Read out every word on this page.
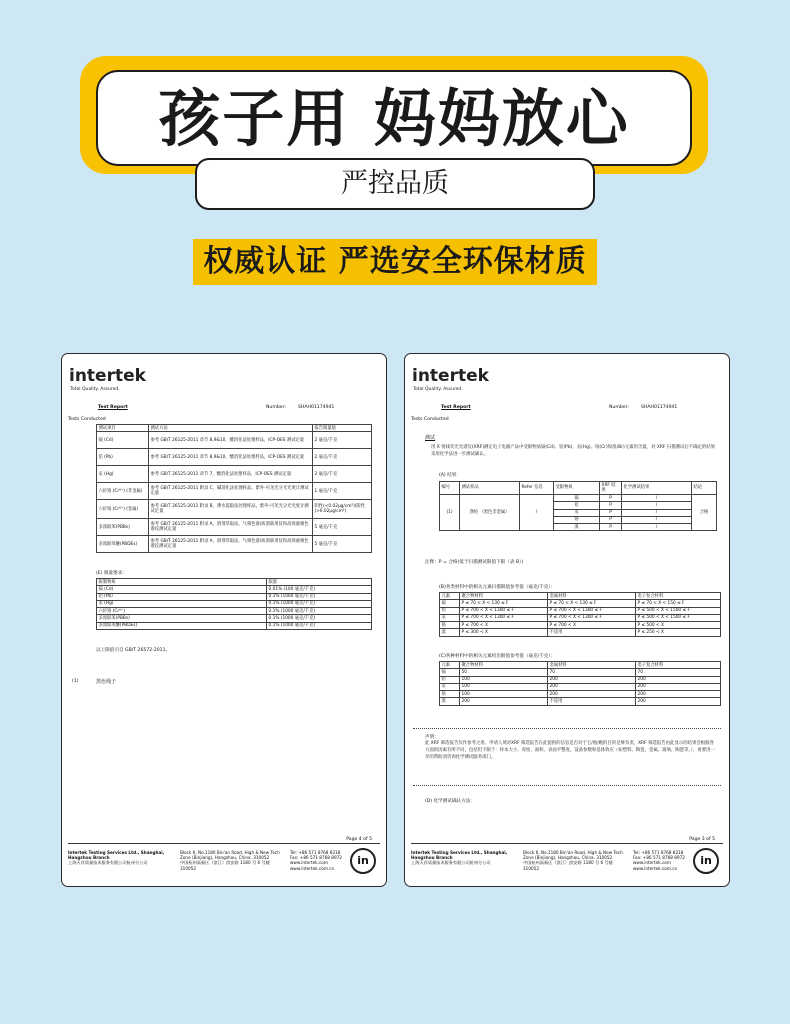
孩子用 妈妈放心
严控品质
权威认证 严选安全环保材质
intertek
Total Quality. Assured.
Test Report	Number:	SHAH01174941
Tests Conducted
测试项目	测试方法	报告限量值
镉 (Cd)	参考 GB/T 26125-2011 章节 8,9&10，酸消化法处理样品，ICP-OES 测试定量	2 毫克/千克
铅 (Pb)	参考 GB/T 26125-2011 章节 8,9&10，酸消化法处理样品，ICP-OES 测试定量	2 毫克/千克
汞 (Hg)	参考 GB/T 26125-2011 章节 7，酸消化法处理样品，ICP-OES 测试定量	2 毫克/千克
六价铬 (Cr⁶⁺) (非金属)	参考 GB/T 26125-2011 附录 C，碱消化法处理样品，紫外-可见光分光光度计测试定量	1 毫克/千克
六价铬 (Cr⁶⁺) (金属)	参考 GB/T 26125-2011 附录 B，沸水提取法处理样品，紫外-可见光分光光度计测试定量	阴性(<0.02μg/cm²)/阳性(>0.02μg/cm²)
多溴联苯(PBBs)	参考 GB/T 26125-2011 附录 A，溶剂萃取法，气相色谱/质谱联用仪和高效液相色谱仪测试定量	5 毫克/千克
多溴联苯醚(PBDEs)	参考 GB/T 26125-2011 附录 A，溶剂萃取法，气相色谱/质谱联用仪和高效液相色谱仪测试定量	5 毫克/千克
(E) 限量要求：
限制物质	限量
镉 (Cd)	0.01% (100 毫克/千克)
铅 (Pb)	0.1% (1000 毫克/千克)
汞 (Hg)	0.1% (1000 毫克/千克)
六价铬 (Cr⁶⁺)	0.1% (1000 毫克/千克)
多溴联苯(PBBs)	0.1% (1000 毫克/千克)
多溴联苯醚(PBDEs)	0.1% (1000 毫克/千克)
以上限值引自 GB/T 26572-2011。
(1)	黑色绳子
Page 4 of 5
Intertek Testing Services Ltd., Shanghai,
Hangzhou Branch
上海天祥质量技术服务有限公司杭州分公司
Block 6, No.1180 Bin'an Road, High & New Tech
Zone (Binjiang), Hangzhou, China. 310052
中国杭州高新区（滨江）滨安路 1180 号 6 号楼
310052
Tel: +86 571 8768 8218
Fax: +86 571 8768 8972
www.intertek.com
www.intertek.com.cn
in
intertek
Total Quality. Assured.
Test Report	Number:	SHAH01174941
Tests Conducted
测试
用 X 射线荧光光谱仪(XRF)测定电子电器产品中受限物质镉(Cd)、铅(Pb)、汞(Hg)、铬(Cr)和溴(Br)元素的含量，对 XRF 扫描测试后不确定的结果采用化学法进一步测试确认。
(A) 结果：
编号	测试样品	Refer 信息	受限物质	XRF 结果	化学测试结果	结论
(1)	涤纶 （黑色非金属）	/	镉	P	/	合格
			铅	P	/	
			汞	P	/	
			铬	P	/	
			溴	P	/	
注释：P = 合格(低于扫描测试限值下限（表 B）)
(B)各类材料中的相关元素扫描限值参考值（毫克/千克）：
元素	聚合物材料	金属材料	电子复合材料
镉	P ≤ 70 < X < 130 ≤ F	P ≤ 70 < X < 130 ≤ F	P ≤ 70 < X < 150 ≤ F
铅	P ≤ 700 < X < 1300 ≤ F	P ≤ 700 < X < 1300 ≤ F	P ≤ 500 < X < 1500 ≤ F
汞	P ≤ 700 < X < 1300 ≤ F	P ≤ 700 < X < 1300 ≤ F	P ≤ 500 < X < 1500 ≤ F
铬	P ≤ 700 < X	P ≤ 700 < X	P ≤ 500 < X
溴	P ≤ 300 < X	不适用	P ≤ 250 < X
(C)各种材料中的相关元素检出限值参考值（毫克/千克）：
元素	聚合物材料	金属材料	电子复合材料
镉	50	70	70
铅	100	200	200
汞	100	200	200
铬	100	200	200
溴	200	不适用	200
声明：
此 XRF 筛选报告仅作参考之用。申请人须对XRF 筛选报告在此提供的信息是否对于它/他/她的目的足够负责。XRF 筛选报告由此显示的结果会根据各方面的因素有所不同，包括但不限于：样本大小、厚度、面积、表面平整度、设备参数和基体效应（如塑料、陶瓷、金属、玻璃、陶瓷等。），再要进一步的帮助请咨询化学测试服务部门。
(D) 化学测试确认方法：
Page 3 of 5
Intertek Testing Services Ltd., Shanghai,
Hangzhou Branch
上海天祥质量技术服务有限公司杭州分公司
Block 6, No.1180 Bin'an Road, High & New Tech
Zone (Binjiang), Hangzhou, China. 310052
中国杭州高新区（滨江）滨安路 1180 号 6 号楼
310052
Tel: +86 571 8768 8218
Fax: +86 571 8768 8972
www.intertek.com
www.intertek.com.cn
in
